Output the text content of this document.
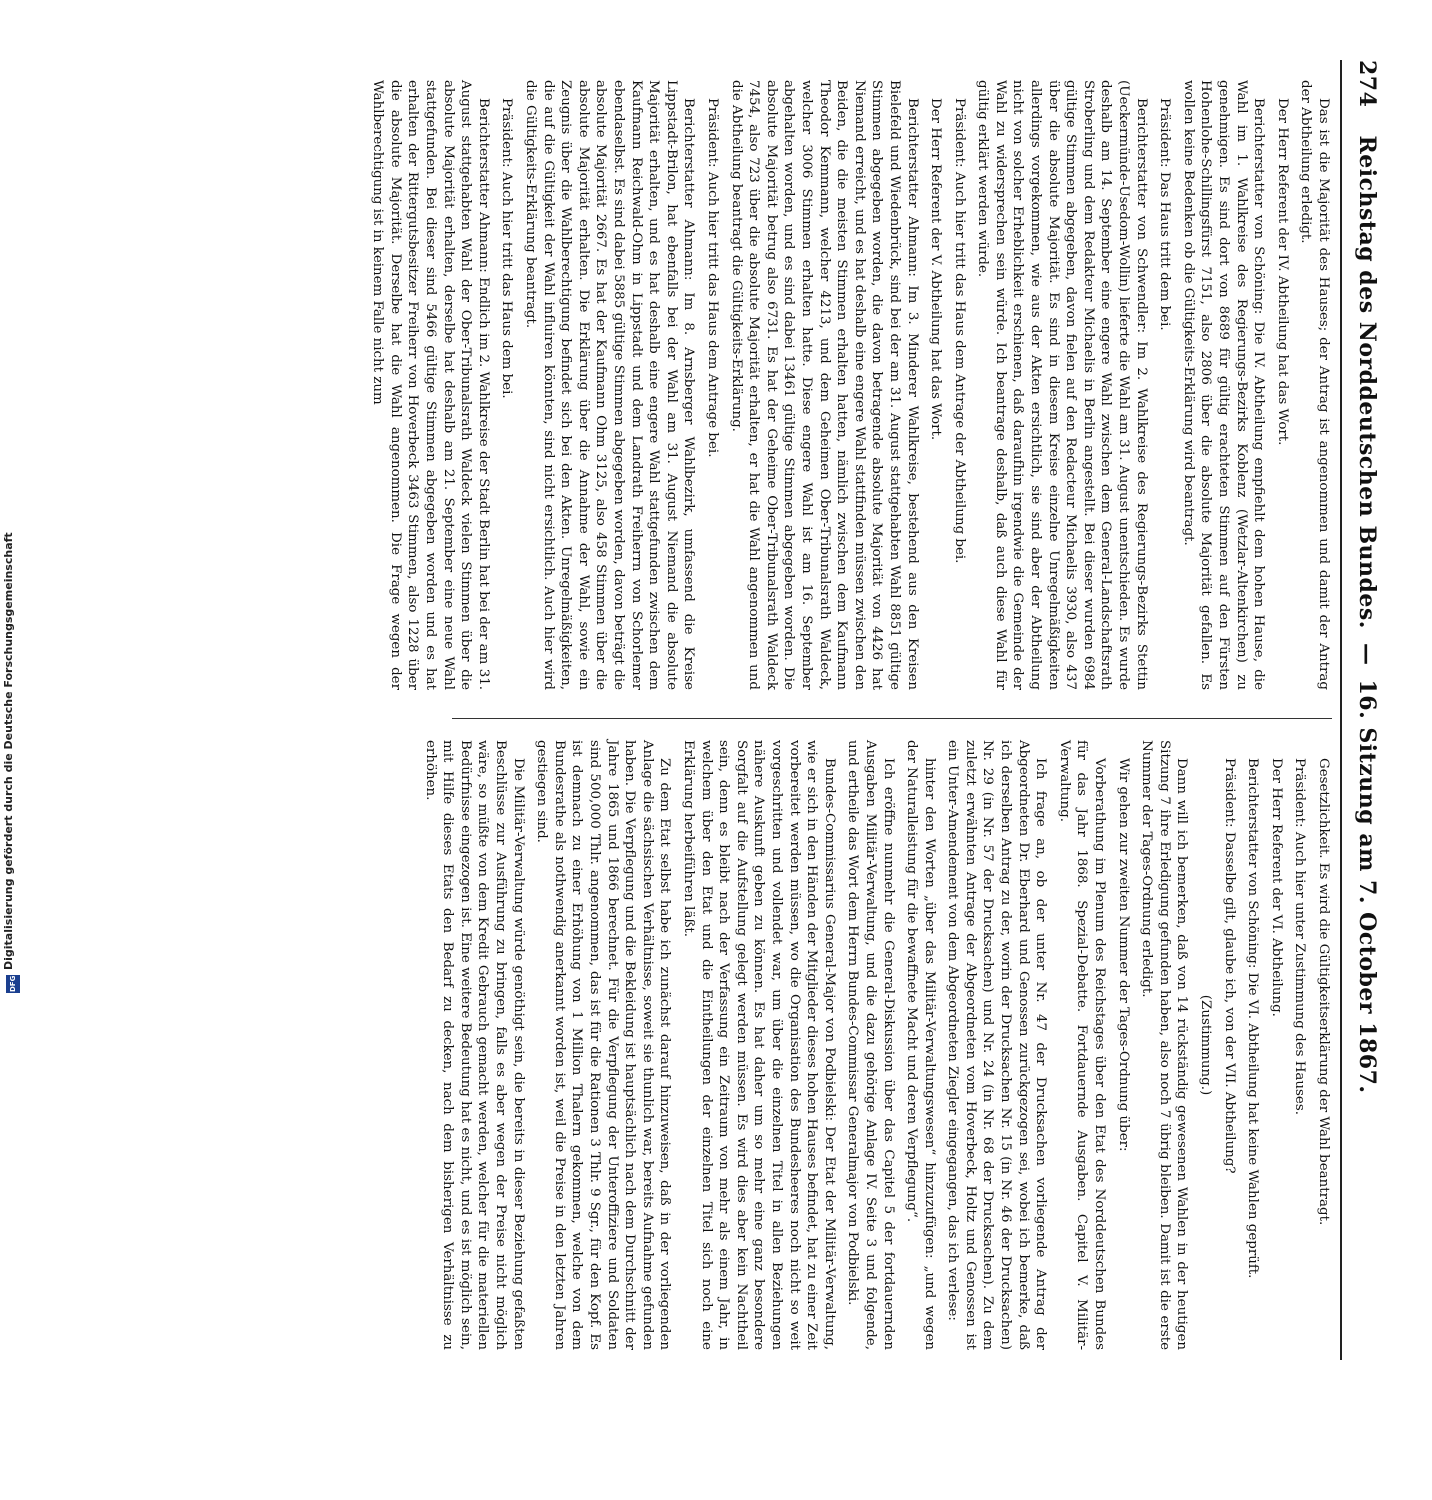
274
Reichstag des Norddeutschen Bundes.
—
16. Sitzung am 7. October 1867.

Das ist die Majorität des Hauses; der Antrag ist angenommen und damit der Antrag der Abtheilung erledigt.

Der Herr Referent der IV. Abtheilung hat das Wort.

Berichterstatter von Schöning: Die IV. Abtheilung empfiehlt dem hohen Hause, die Wahl im 1. Wahlkreise des Regierungs-Bezirks Koblenz (Wetzlar-Altenkirchen) zu genehmigen. Es sind dort von 8689 für gültig erachteten Stimmen auf den Fürsten Hohenlohe-Schillingsfürst 7151, also 2806 über die absolute Majorität gefallen. Es wollen keine Bedenken ob die Gültigkeits-Erklärung wird beantragt.

Präsident: Das Haus tritt dem bei.

Berichterstatter von Schwendler: Im 2. Wahlkreise des Regierungs-Bezirks Stettin (Ueckermünde-Usedom-Wollin) lieferte die Wahl am 31. August unentschieden. Es wurde deshalb am 14. September eine engere Wahl zwischen dem General-Landschaftsrath Stroberling und dem Redakteur Michaelis in Berlin angestellt. Bei dieser wurden 6984 gültige Stimmen abgegeben, davon fielen auf den Redacteur Michaelis 3930, also 437 über die absolute Majorität. Es sind in diesem Kreise einzelne Unregelmäßigkeiten allerdings vorgekommen, wie aus der Akten ersichtlich, sie sind aber der Abtheilung nicht von solcher Erheblichkeit erschienen, daß daraufhin irgendwie die Gemeinde der Wahl zu widersprechen sein würde. Ich beantrage deshalb, daß auch diese Wahl für gültig erklärt werden würde.

Präsident: Auch hier tritt das Haus dem Antrage der Abtheilung bei.

Der Herr Referent der V. Abtheilung hat das Wort.

Berichterstatter Ahmann: Im 3. Minderer Wahlkreise, bestehend aus den Kreisen Bielefeld und Wiedenbrück, sind bei der am 31. August stattgehabten Wahl 8851 gültige Stimmen abgegeben worden, die davon betragende absolute Majorität von 4426 hat Niemand erreicht, und es hat deshalb eine engere Wahl stattfinden müssen zwischen den Beiden, die die meisten Stimmen erhalten hatten, nämlich zwischen dem Kaufmann Theodor Kemmann, welcher 4213, und dem Geheimen Ober-Tribunalsrath Waldeck, welcher 3006 Stimmen erhalten hatte. Diese engere Wahl ist am 16. September abgehalten worden, und es sind dabei 13461 gültige Stimmen abgegeben worden. Die absolute Majorität betrug also 6731. Es hat der Geheime Ober-Tribunalsrath Waldeck 7454, also 723 über die absolute Majorität erhalten, er hat die Wahl angenommen und die Abtheilung beantragt die Gültigkeits-Erklärung.

Präsident: Auch hier tritt das Haus dem Antrage bei.

Berichterstatter Ahmann: Im 8. Arnsberger Wahlbezirk, umfassend die Kreise Lippstadt-Brilon, hat ebenfalls bei der Wahl am 31. August Niemand die absolute Majorität erhalten, und es hat deshalb eine engere Wahl stattgefunden zwischen dem Kaufmann Reichwald-Ohm in Lippstadt und dem Landrath Freiherrn von Schorlemer ebendaselbst. Es sind dabei 5885 gültige Stimmen abgegeben worden, davon beträgt die absolute Majorität 2667. Es hat der Kaufmann Ohm 3125, also 458 Stimmen über die absolute Majorität erhalten. Die Erklärung über die Annahme der Wahl, sowie ein Zeugnis über die Wahlberechtigung befindet sich bei den Akten. Unregelmäßigkeiten, die auf die Gültigkeit der Wahl influiren könnten, sind nicht ersichtlich. Auch hier wird die Gültigkeits-Erklärung beantragt.

Präsident: Auch hier tritt das Haus dem bei.

Berichterstatter Ahmann: Endlich im 2. Wahlkreise der Stadt Berlin hat bei der am 31. August stattgehabten Wahl der Ober-Tribunalsrath Waldeck vielen Stimmen über die absolute Majorität erhalten, derselbe hat deshalb am 21. September eine neue Wahl stattgefunden. Bei dieser sind 5466 gültige Stimmen abgegeben worden und es hat erhalten der Rittergutsbesitzer Freiherr von Hoverbeck 3463 Stimmen, also 1228 über die absolute Majorität. Derselbe hat die Wahl angenommen. Die Frage wegen der Wahlberechtigung ist in keinem Falle nicht zum

Gesetzlichkeit. Es wird die Gültigkeitserklärung der Wahl beantragt.

Präsident: Auch hier unter Zustimmung des Hauses.

Der Herr Referent der VI. Abtheilung.

Berichterstatter von Schöning: Die VI. Abtheilung hat keine Wahlen geprüft.

Präsident: Dasselbe gilt, glaube ich, von der VII. Abtheilung?

(Zustimmung.)

Dann will ich bemerken, daß von 14 rückständig gewesenen Wahlen in der heutigen Sitzung 7 ihre Erledigung gefunden haben, also noch 7 übrig bleiben. Damit ist die erste Nummer der Tages-Ordnung erledigt.

Wir gehen zur zweiten Nummer der Tages-Ordnung über:

Vorberathung im Plenum des Reichstages über den Etat des Norddeutschen Bundes für das Jahr 1868. Spezial-Debatte. Fortdauernde Ausgaben. Capitel V. Militär-Verwaltung.

Ich frage an, ob der unter Nr. 47 der Drucksachen vorliegende Antrag der Abgeordneten Dr. Eberhard und Genossen zurückgezogen sei, wobei ich bemerke, daß ich derselben Antrag zu der, worin der Drucksachen Nr. 15 (in Nr. 46 der Drucksachen) Nr. 29 (in Nr. 57 der Drucksachen) und Nr. 24 (in Nr. 68 der Drucksachen). Zu dem zuletzt erwähnten Antrage der Abgeordneten vom Hoverbeck, Holtz und Genossen ist ein Unter-Amendement von dem Abgeordneten Ziegler eingegangen, das ich verlese:

hinter den Worten „über das Militär-Verwaltungswesen“ hinzuzufügen: „und wegen der Naturalleistung für die bewaffnete Macht und deren Verpflegung“.

Ich eröffne nunmehr die General-Diskussion über das Capitel 5 der fortdauernden Ausgaben Militär-Verwaltung, und die dazu gehörige Anlage IV. Seite 3 und folgende, und ertheile das Wort dem Herrn Bundes-Commissar Generalmajor von Podbielski.

Bundes-Commissarius General-Major von Podbielski: Der Etat der Militär-Verwaltung, wie er sich in den Händen der Mitglieder dieses hohen Hauses befindet, hat zu einer Zeit vorbereitet werden müssen, wo die Organisation des Bundesheeres noch nicht so weit vorgeschritten und vollendet war, um über die einzelnen Titel in allen Beziehungen nähere Auskunft geben zu können. Es hat daher um so mehr eine ganz besondere Sorgfalt auf die Aufstellung gelegt werden müssen. Es wird dies aber kein Nachtheil sein, denn es bleibt nach der Verfassung ein Zeitraum von mehr als einem Jahr, in welchem über den Etat und die Eintheilungen der einzelnen Titel sich noch eine Erklärung herbeiführen läßt.

Zu dem Etat selbst habe ich zunächst darauf hinzuweisen, daß in der vorliegenden Anlage die sächsischen Verhältnisse, soweit sie thunlich war, bereits Aufnahme gefunden haben. Die Verpflegung und die Bekleidung ist hauptsächlich nach dem Durchschnitt der Jahre 1865 und 1866 berechnet. Für die Verpflegung der Unteroffiziere und Soldaten sind 500,000 Thlr. angenommen, das ist für die Rationen 3 Thlr. 9 Sgr., für den Kopf. Es ist demnach zu einer Erhöhung von 1 Million Thalern gekommen, welche von dem Bundesrathe als nothwendig anerkannt worden ist, weil die Preise in den letzten Jahren gestiegen sind.

Die Militär-Verwaltung würde genöthigt sein, die bereits in dieser Beziehung gefaßten Beschlüsse zur Ausführung zu bringen, falls es aber wegen der Preise nicht möglich wäre, so müßte von dem Kredit Gebrauch gemacht werden, welcher für die materiellen Bedürfnisse eingezogen ist. Eine weitere Bedeutung hat es nicht, und es ist möglich sein, mit Hilfe dieses Etats den Bedarf zu decken, nach dem bisherigen Verhältnisse zu erhöhen.

Digitalisierung gefördert durch die Deutsche Forschungsgemeinschaft
DFG
